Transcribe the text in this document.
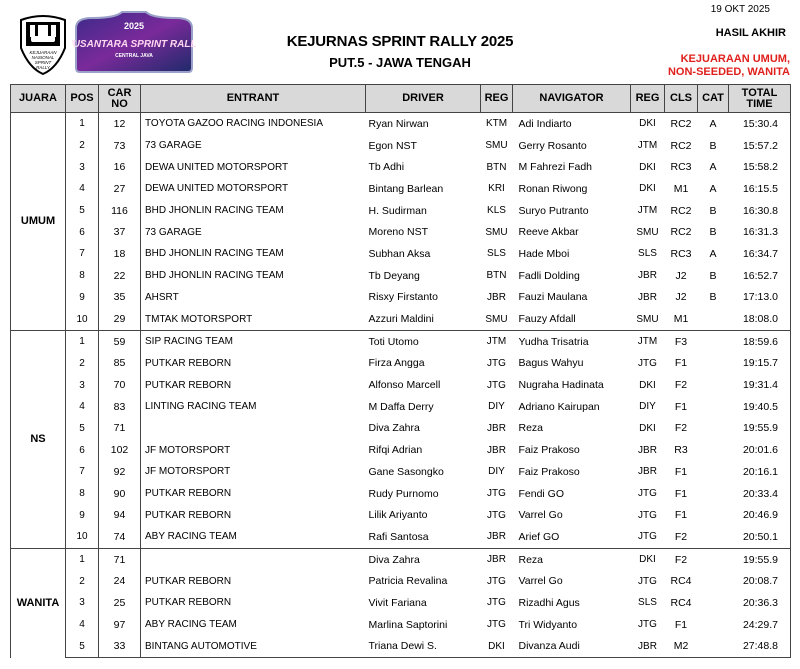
KEJUARAAN
NASIONAL
SPRINT
RALLY
2025
NUSANTARA SPRINT RALLY
CENTRAL JAVA
19 OKT 2025
HASIL AKHIR
KEJUARAAN UMUM,
NON-SEEDED, WANITA
KEJURNAS SPRINT RALLY 2025
PUT.5 - JAWA TENGAH
JUARA	POS	CAR
NO	ENTRANT	DRIVER	REG	NAVIGATOR	REG	CLS	CAT	TOTAL
TIME
UMUM	1	12	TOYOTA GAZOO RACING INDONESIA	Ryan Nirwan	KTM	Adi Indiarto	DKI	RC2	A	15:30.4
	2	73	73 GARAGE	Egon NST	SMU	Gerry Rosanto	JTM	RC2	B	15:57.2
	3	16	DEWA UNITED MOTORSPORT	Tb Adhi	BTN	M Fahrezi Fadh	DKI	RC3	A	15:58.2
	4	27	DEWA UNITED MOTORSPORT	Bintang Barlean	KRI	Ronan Riwong	DKI	M1	A	16:15.5
	5	116	BHD JHONLIN RACING TEAM	H. Sudirman	KLS	Suryo Putranto	JTM	RC2	B	16:30.8
	6	37	73 GARAGE	Moreno NST	SMU	Reeve Akbar	SMU	RC2	B	16:31.3
	7	18	BHD JHONLIN RACING TEAM	Subhan Aksa	SLS	Hade Mboi	SLS	RC3	A	16:34.7
	8	22	BHD JHONLIN RACING TEAM	Tb Deyang	BTN	Fadli Dolding	JBR	J2	B	16:52.7
	9	35	AHSRT	Risxy Firstanto	JBR	Fauzi Maulana	JBR	J2	B	17:13.0
	10	29	TMTAK MOTORSPORT	Azzuri Maldini	SMU	Fauzy Afdall	SMU	M1		18:08.0
NS	1	59	SIP RACING TEAM	Toti Utomo	JTM	Yudha Trisatria	JTM	F3		18:59.6
	2	85	PUTKAR REBORN	Firza Angga	JTG	Bagus Wahyu	JTG	F1		19:15.7
	3	70	PUTKAR REBORN	Alfonso Marcell	JTG	Nugraha Hadinata	DKI	F2		19:31.4
	4	83	LINTING RACING TEAM	M Daffa Derry	DIY	Adriano Kairupan	DIY	F1		19:40.5
	5	71		Diva Zahra	JBR	Reza	DKI	F2		19:55.9
	6	102	JF MOTORSPORT	Rifqi Adrian	JBR	Faiz Prakoso	JBR	R3		20:01.6
	7	92	JF MOTORSPORT	Gane Sasongko	DIY	Faiz Prakoso	JBR	F1		20:16.1
	8	90	PUTKAR REBORN	Rudy Purnomo	JTG	Fendi GO	JTG	F1		20:33.4
	9	94	PUTKAR REBORN	Lilik Ariyanto	JTG	Varrel Go	JTG	F1		20:46.9
	10	74	ABY RACING TEAM	Rafi Santosa	JBR	Arief GO	JTG	F2		20:50.1
WANITA	1	71		Diva Zahra	JBR	Reza	DKI	F2		19:55.9
	2	24	PUTKAR REBORN	Patricia Revalina	JTG	Varrel Go	JTG	RC4		20:08.7
	3	25	PUTKAR REBORN	Vivit Fariana	JTG	Rizadhi Agus	SLS	RC4		20:36.3
	4	97	ABY RACING TEAM	Marlina Saptorini	JTG	Tri Widyanto	JTG	F1		24:29.7
	5	33	BINTANG AUTOMOTIVE	Triana Dewi S.	DKI	Divanza Audi	JBR	M2		27:48.8
